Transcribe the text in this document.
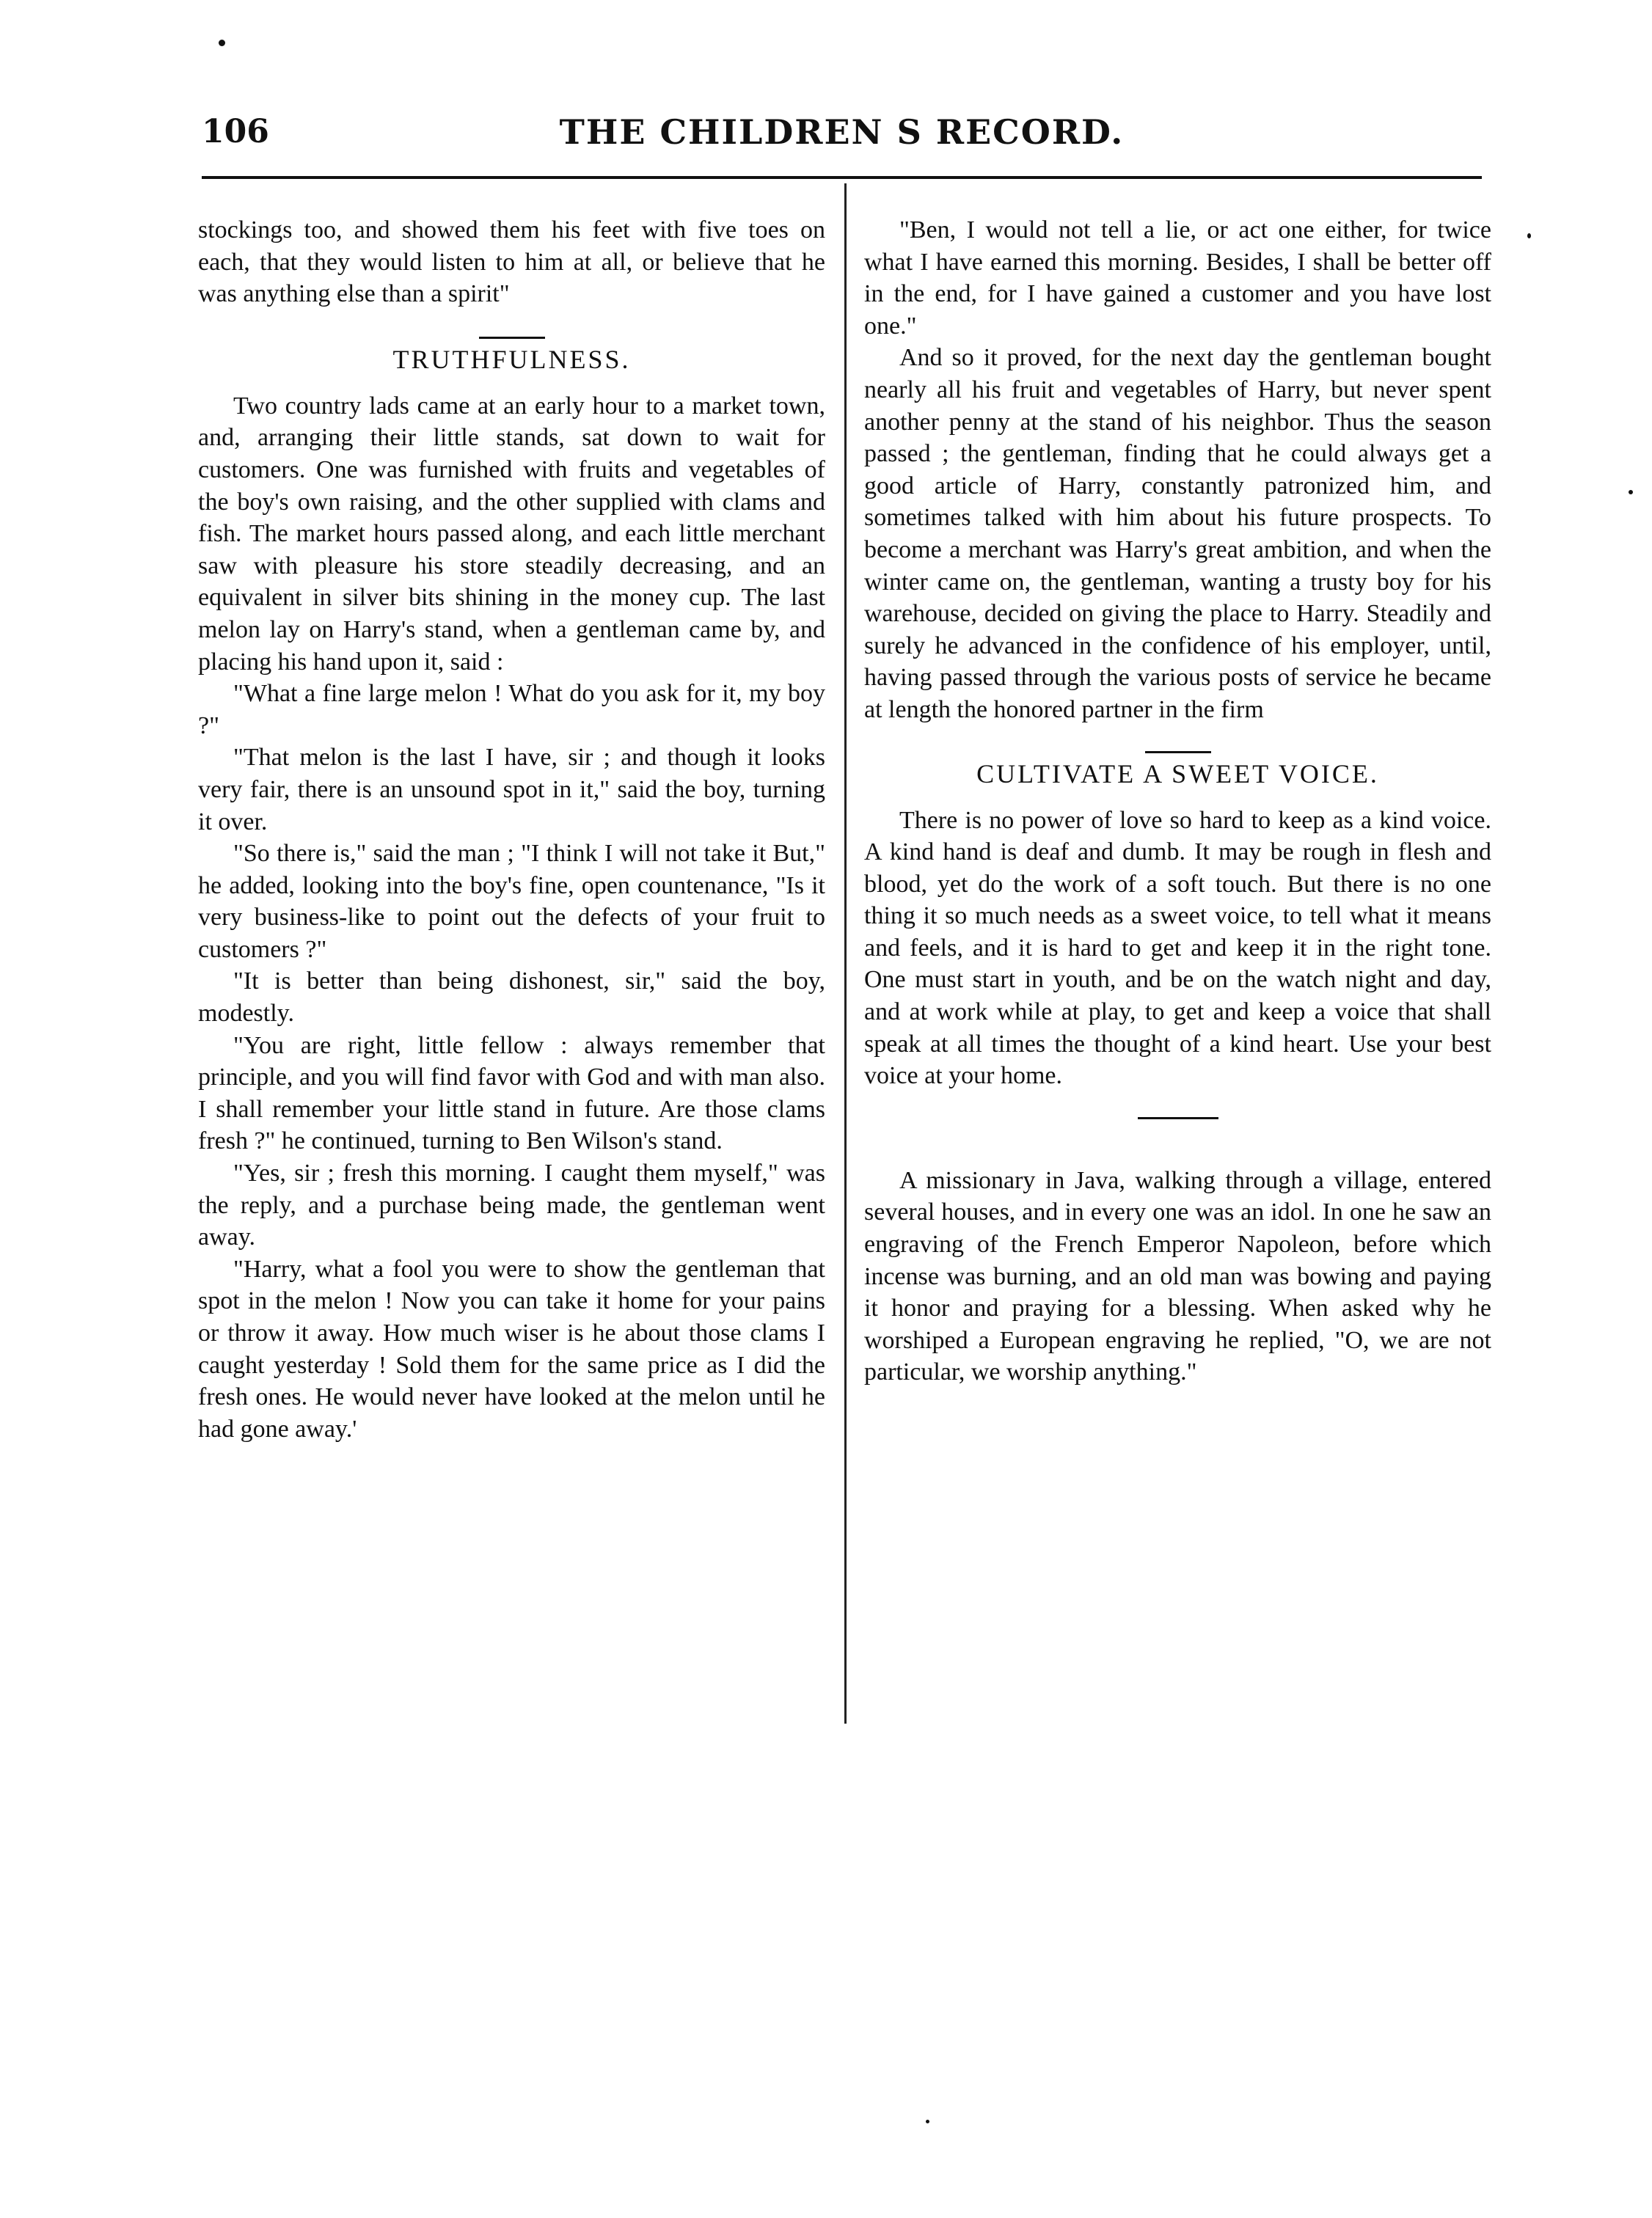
106	THE CHILDREN S RECORD.

stockings too, and showed them his feet with five toes on each, that they would listen to him at all, or believe that he was anything else than a spirit"

TRUTHFULNESS.

Two country lads came at an early hour to a market town, and, arranging their little stands, sat down to wait for customers. One was furnished with fruits and vegetables of the boy's own raising, and the other supplied with clams and fish. The market hours passed along, and each little merchant saw with pleasure his store steadily decreasing, and an equivalent in silver bits shining in the money cup. The last melon lay on Harry's stand, when a gentleman came by, and placing his hand upon it, said :

"What a fine large melon ! What do you ask for it, my boy ?"

"That melon is the last I have, sir ; and though it looks very fair, there is an unsound spot in it," said the boy, turning it over.

"So there is," said the man ; "I think I will not take it But," he added, looking into the boy's fine, open countenance, "Is it very business-like to point out the defects of your fruit to customers ?"

"It is better than being dishonest, sir," said the boy, modestly.

"You are right, little fellow : always remember that principle, and you will find favor with God and with man also. I shall remember your little stand in future. Are those clams fresh ?" he continued, turning to Ben Wilson's stand.

"Yes, sir ; fresh this morning. I caught them myself," was the reply, and a purchase being made, the gentleman went away.

"Harry, what a fool you were to show the gentleman that spot in the melon ! Now you can take it home for your pains or throw it away. How much wiser is he about those clams I caught yesterday ! Sold them for the same price as I did the fresh ones. He would never have looked at the melon until he had gone away.'

"Ben, I would not tell a lie, or act one either, for twice what I have earned this morning. Besides, I shall be better off in the end, for I have gained a customer and you have lost one."

And so it proved, for the next day the gentleman bought nearly all his fruit and vegetables of Harry, but never spent another penny at the stand of his neighbor. Thus the season passed ; the gentleman, finding that he could always get a good article of Harry, constantly patronized him, and sometimes talked with him about his future prospects. To become a merchant was Harry's great ambition, and when the winter came on, the gentleman, wanting a trusty boy for his warehouse, decided on giving the place to Harry. Steadily and surely he advanced in the confidence of his employer, until, having passed through the various posts of service he became at length the honored partner in the firm

CULTIVATE A SWEET VOICE.

There is no power of love so hard to keep as a kind voice. A kind hand is deaf and dumb. It may be rough in flesh and blood, yet do the work of a soft touch. But there is no one thing it so much needs as a sweet voice, to tell what it means and feels, and it is hard to get and keep it in the right tone. One must start in youth, and be on the watch night and day, and at work while at play, to get and keep a voice that shall speak at all times the thought of a kind heart. Use your best voice at your home.

A missionary in Java, walking through a village, entered several houses, and in every one was an idol. In one he saw an engraving of the French Emperor Napoleon, before which incense was burning, and an old man was bowing and paying it honor and praying for a blessing. When asked why he worshiped a European engraving he replied, "O, we are not particular, we worship anything."
